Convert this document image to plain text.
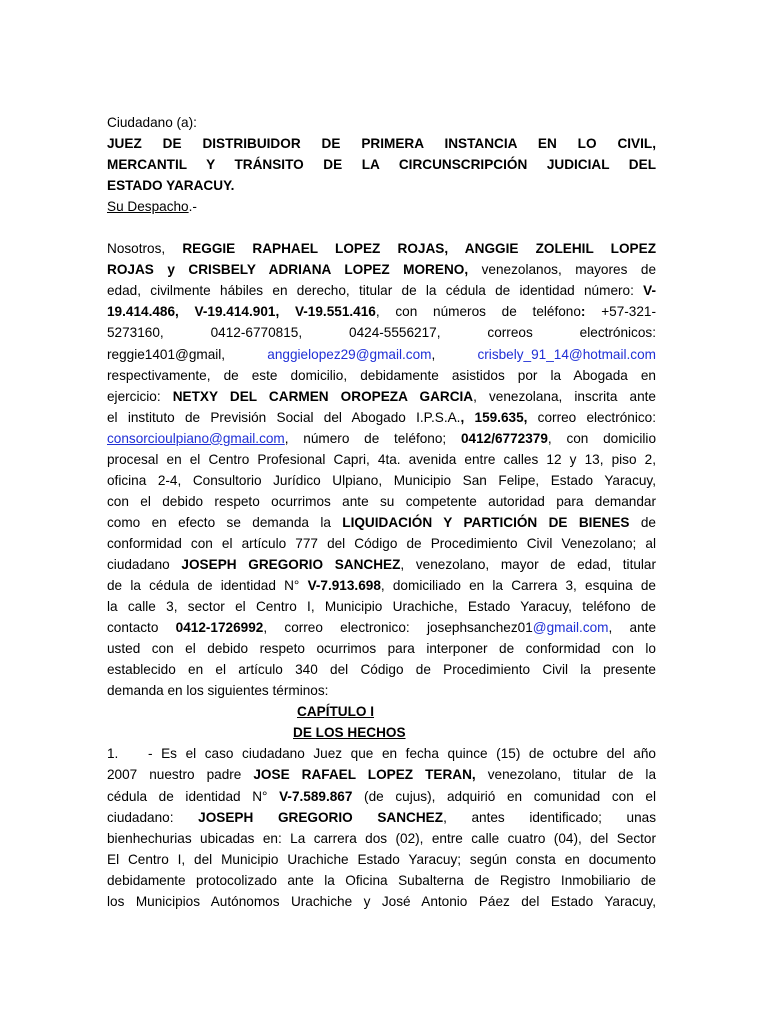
Ciudadano (a):

JUEZ DE DISTRIBUIDOR DE PRIMERA INSTANCIA EN LO CIVIL,

MERCANTIL Y TRÁNSITO DE LA CIRCUNSCRIPCIÓN JUDICIAL DEL

ESTADO YARACUY.

Su Despacho.-

Nosotros, REGGIE RAPHAEL LOPEZ ROJAS, ANGGIE ZOLEHIL LOPEZ

ROJAS y CRISBELY ADRIANA LOPEZ MORENO, venezolanos, mayores de

edad, civilmente hábiles en derecho, titular de la cédula de identidad número: V-

19.414.486, V-19.414.901, V-19.551.416, con números de teléfono: +57-321-

5273160, 0412-6770815, 0424-5556217, correos electrónicos:

reggie1401@gmail,	anggielopez29@gmail.com,	crisbely_91_14@hotmail.com

respectivamente, de este domicilio, debidamente asistidos por la Abogada en

ejercicio: NETXY DEL CARMEN OROPEZA GARCIA, venezolana, inscrita ante

el instituto de Previsión Social del Abogado I.P.S.A., 159.635, correo electrónico:

consorcioulpiano@gmail.com, número de teléfono; 0412/6772379, con domicilio

procesal en el Centro Profesional Capri, 4ta. avenida entre calles 12 y 13, piso 2,

oficina 2-4, Consultorio Jurídico Ulpiano, Municipio San Felipe, Estado Yaracuy,

con el debido respeto ocurrimos ante su competente autoridad para demandar

como en efecto se demanda la LIQUIDACIÓN Y PARTICIÓN DE BIENES de

conformidad con el artículo 777 del Código de Procedimiento Civil Venezolano; al

ciudadano JOSEPH GREGORIO SANCHEZ, venezolano, mayor de edad, titular

de la cédula de identidad N° V-7.913.698, domiciliado en la Carrera 3, esquina de

la calle 3, sector el Centro I, Municipio Urachiche, Estado Yaracuy, teléfono de

contacto 0412-1726992, correo electronico: josephsanchez01@gmail.com, ante

usted con el debido respeto ocurrimos para interponer de conformidad con lo

establecido en el artículo 340 del Código de Procedimiento Civil la presente

demanda en los siguientes términos:

CAPÍTULO I

DE LOS HECHOS

1. - Es el caso ciudadano Juez que en fecha quince (15) de octubre del año

2007 nuestro padre JOSE RAFAEL LOPEZ TERAN, venezolano, titular de la

cédula de identidad N° V-7.589.867 (de cujus), adquirió en comunidad con el

ciudadano: JOSEPH GREGORIO SANCHEZ, antes identificado; unas

bienhechurias ubicadas en: La carrera dos (02), entre calle cuatro (04), del Sector

El Centro I, del Municipio Urachiche Estado Yaracuy; según consta en documento

debidamente protocolizado ante la Oficina Subalterna de Registro Inmobiliario de

los Municipios Autónomos Urachiche y José Antonio Páez del Estado Yaracuy,
